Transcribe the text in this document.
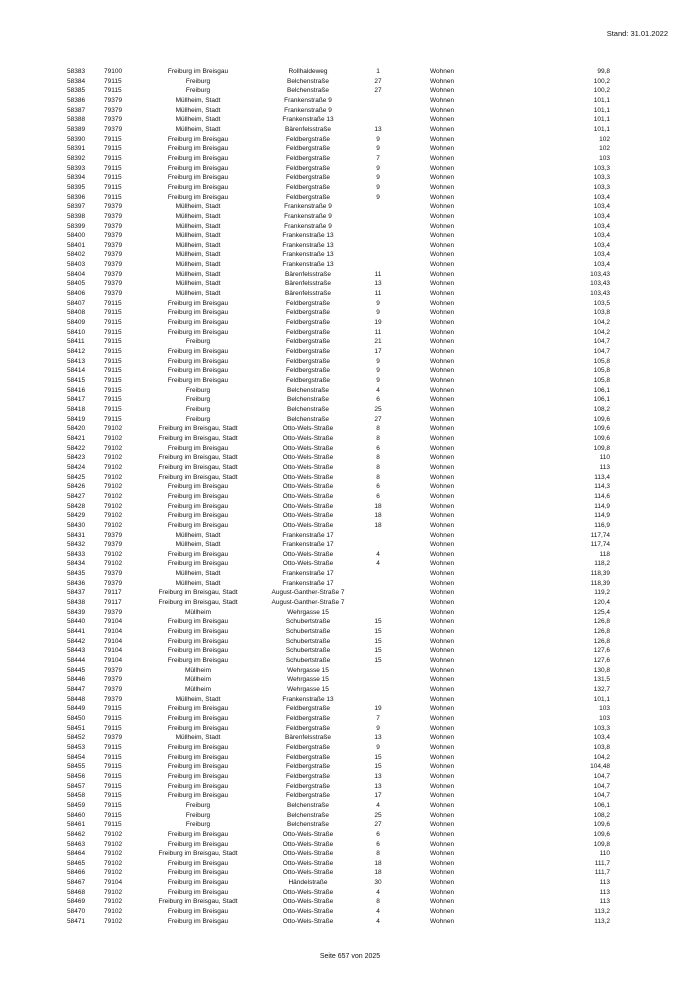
Stand: 31.01.2022
58383	79100	Freiburg im Breisgau	Rollhaldeweg	1		Wohnen	99,8
58384	79115	Freiburg	Belchenstraße	27		Wohnen	100,2
58385	79115	Freiburg	Belchenstraße	27		Wohnen	100,2
58386	79379	Müllheim, Stadt	Frankenstraße 9			Wohnen	101,1
58387	79379	Müllheim, Stadt	Frankenstraße 9			Wohnen	101,1
58388	79379	Müllheim, Stadt	Frankenstraße 13			Wohnen	101,1
58389	79379	Müllheim, Stadt	Bärenfelsstraße	13		Wohnen	101,1
58390	79115	Freiburg im Breisgau	Feldbergstraße	9		Wohnen	102
58391	79115	Freiburg im Breisgau	Feldbergstraße	9		Wohnen	102
58392	79115	Freiburg im Breisgau	Feldbergstraße	7		Wohnen	103
58393	79115	Freiburg im Breisgau	Feldbergstraße	9		Wohnen	103,3
58394	79115	Freiburg im Breisgau	Feldbergstraße	9		Wohnen	103,3
58395	79115	Freiburg im Breisgau	Feldbergstraße	9		Wohnen	103,3
58396	79115	Freiburg im Breisgau	Feldbergstraße	9		Wohnen	103,4
58397	79379	Müllheim, Stadt	Frankenstraße 9			Wohnen	103,4
58398	79379	Müllheim, Stadt	Frankenstraße 9			Wohnen	103,4
58399	79379	Müllheim, Stadt	Frankenstraße 9			Wohnen	103,4
58400	79379	Müllheim, Stadt	Frankenstraße 13			Wohnen	103,4
58401	79379	Müllheim, Stadt	Frankenstraße 13			Wohnen	103,4
58402	79379	Müllheim, Stadt	Frankenstraße 13			Wohnen	103,4
58403	79379	Müllheim, Stadt	Frankenstraße 13			Wohnen	103,4
58404	79379	Müllheim, Stadt	Bärenfelsstraße	11		Wohnen	103,43
58405	79379	Müllheim, Stadt	Bärenfelsstraße	13		Wohnen	103,43
58406	79379	Müllheim, Stadt	Bärenfelsstraße	11		Wohnen	103,43
58407	79115	Freiburg im Breisgau	Feldbergstraße	9		Wohnen	103,5
58408	79115	Freiburg im Breisgau	Feldbergstraße	9		Wohnen	103,8
58409	79115	Freiburg im Breisgau	Feldbergstraße	19		Wohnen	104,2
58410	79115	Freiburg im Breisgau	Feldbergstraße	11		Wohnen	104,2
58411	79115	Freiburg	Feldbergstraße	21		Wohnen	104,7
58412	79115	Freiburg im Breisgau	Feldbergstraße	17		Wohnen	104,7
58413	79115	Freiburg im Breisgau	Feldbergstraße	9		Wohnen	105,8
58414	79115	Freiburg im Breisgau	Feldbergstraße	9		Wohnen	105,8
58415	79115	Freiburg im Breisgau	Feldbergstraße	9		Wohnen	105,8
58416	79115	Freiburg	Belchenstraße	4		Wohnen	106,1
58417	79115	Freiburg	Belchenstraße	6		Wohnen	106,1
58418	79115	Freiburg	Belchenstraße	25		Wohnen	108,2
58419	79115	Freiburg	Belchenstraße	27		Wohnen	109,6
58420	79102	Freiburg im Breisgau, Stadt	Otto-Wels-Straße	8		Wohnen	109,6
58421	79102	Freiburg im Breisgau, Stadt	Otto-Wels-Straße	8		Wohnen	109,6
58422	79102	Freiburg im Breisgau	Otto-Wels-Straße	6		Wohnen	109,8
58423	79102	Freiburg im Breisgau, Stadt	Otto-Wels-Straße	8		Wohnen	110
58424	79102	Freiburg im Breisgau, Stadt	Otto-Wels-Straße	8		Wohnen	113
58425	79102	Freiburg im Breisgau, Stadt	Otto-Wels-Straße	8		Wohnen	113,4
58426	79102	Freiburg im Breisgau	Otto-Wels-Straße	6		Wohnen	114,3
58427	79102	Freiburg im Breisgau	Otto-Wels-Straße	6		Wohnen	114,6
58428	79102	Freiburg im Breisgau	Otto-Wels-Straße	18		Wohnen	114,9
58429	79102	Freiburg im Breisgau	Otto-Wels-Straße	18		Wohnen	114,9
58430	79102	Freiburg im Breisgau	Otto-Wels-Straße	18		Wohnen	116,9
58431	79379	Müllheim, Stadt	Frankenstraße 17			Wohnen	117,74
58432	79379	Müllheim, Stadt	Frankenstraße 17			Wohnen	117,74
58433	79102	Freiburg im Breisgau	Otto-Wels-Straße	4		Wohnen	118
58434	79102	Freiburg im Breisgau	Otto-Wels-Straße	4		Wohnen	118,2
58435	79379	Müllheim, Stadt	Frankenstraße 17			Wohnen	118,39
58436	79379	Müllheim, Stadt	Frankenstraße 17			Wohnen	118,39
58437	79117	Freiburg im Breisgau, Stadt	August-Ganther-Straße 7			Wohnen	119,2
58438	79117	Freiburg im Breisgau, Stadt	August-Ganther-Straße 7			Wohnen	120,4
58439	79379	Müllheim	Wehrgasse 15			Wohnen	125,4
58440	79104	Freiburg im Breisgau	Schubertstraße	15		Wohnen	126,8
58441	79104	Freiburg im Breisgau	Schubertstraße	15		Wohnen	126,8
58442	79104	Freiburg im Breisgau	Schubertstraße	15		Wohnen	126,8
58443	79104	Freiburg im Breisgau	Schubertstraße	15		Wohnen	127,6
58444	79104	Freiburg im Breisgau	Schubertstraße	15		Wohnen	127,6
58445	79379	Müllheim	Wehrgasse 15			Wohnen	130,8
58446	79379	Müllheim	Wehrgasse 15			Wohnen	131,5
58447	79379	Müllheim	Wehrgasse 15			Wohnen	132,7
58448	79379	Müllheim, Stadt	Frankenstraße 13			Wohnen	101,1
58449	79115	Freiburg im Breisgau	Feldbergstraße	19		Wohnen	103
58450	79115	Freiburg im Breisgau	Feldbergstraße	7		Wohnen	103
58451	79115	Freiburg im Breisgau	Feldbergstraße	9		Wohnen	103,3
58452	79379	Müllheim, Stadt	Bärenfelsstraße	13		Wohnen	103,4
58453	79115	Freiburg im Breisgau	Feldbergstraße	9		Wohnen	103,8
58454	79115	Freiburg im Breisgau	Feldbergstraße	15		Wohnen	104,2
58455	79115	Freiburg im Breisgau	Feldbergstraße	15		Wohnen	104,48
58456	79115	Freiburg im Breisgau	Feldbergstraße	13		Wohnen	104,7
58457	79115	Freiburg im Breisgau	Feldbergstraße	13		Wohnen	104,7
58458	79115	Freiburg im Breisgau	Feldbergstraße	17		Wohnen	104,7
58459	79115	Freiburg	Belchenstraße	4		Wohnen	106,1
58460	79115	Freiburg	Belchenstraße	25		Wohnen	108,2
58461	79115	Freiburg	Belchenstraße	27		Wohnen	109,6
58462	79102	Freiburg im Breisgau	Otto-Wels-Straße	6		Wohnen	109,6
58463	79102	Freiburg im Breisgau	Otto-Wels-Straße	6		Wohnen	109,8
58464	79102	Freiburg im Breisgau, Stadt	Otto-Wels-Straße	8		Wohnen	110
58465	79102	Freiburg im Breisgau	Otto-Wels-Straße	18		Wohnen	111,7
58466	79102	Freiburg im Breisgau	Otto-Wels-Straße	18		Wohnen	111,7
58467	79104	Freiburg im Breisgau	Händelstraße	30		Wohnen	113
58468	79102	Freiburg im Breisgau	Otto-Wels-Straße	4		Wohnen	113
58469	79102	Freiburg im Breisgau, Stadt	Otto-Wels-Straße	8		Wohnen	113
58470	79102	Freiburg im Breisgau	Otto-Wels-Straße	4		Wohnen	113,2
58471	79102	Freiburg im Breisgau	Otto-Wels-Straße	4		Wohnen	113,2
Seite 657 von 2025
